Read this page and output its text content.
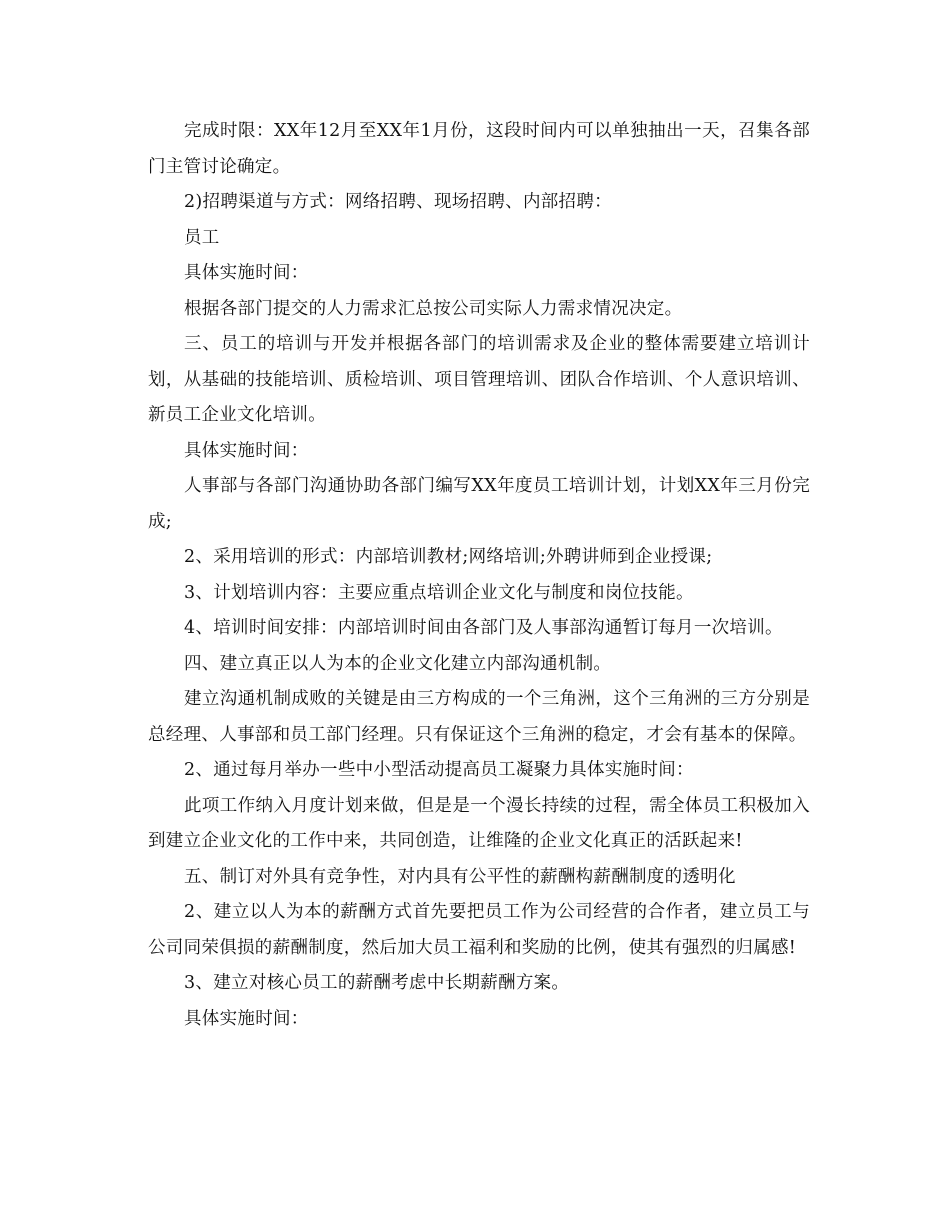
完成时限：XX年12月至XX年1月份，这段时间内可以单独抽出一天，召集各部门主管讨论确定。

2)招聘渠道与方式：网络招聘、现场招聘、内部招聘：

员工

具体实施时间：

根据各部门提交的人力需求汇总按公司实际人力需求情况决定。

三、员工的培训与开发并根据各部门的培训需求及企业的整体需要建立培训计划，从基础的技能培训、质检培训、项目管理培训、团队合作培训、个人意识培训、新员工企业文化培训。

具体实施时间：

人事部与各部门沟通协助各部门编写XX年度员工培训计划，计划XX年三月份完成;

2、采用培训的形式：内部培训教材;网络培训;外聘讲师到企业授课;

3、计划培训内容：主要应重点培训企业文化与制度和岗位技能。

4、培训时间安排：内部培训时间由各部门及人事部沟通暂订每月一次培训。

四、建立真正以人为本的企业文化建立内部沟通机制。

建立沟通机制成败的关键是由三方构成的一个三角洲，这个三角洲的三方分别是总经理、人事部和员工部门经理。只有保证这个三角洲的稳定，才会有基本的保障。

2、通过每月举办一些中小型活动提高员工凝聚力具体实施时间：

此项工作纳入月度计划来做，但是是一个漫长持续的过程，需全体员工积极加入到建立企业文化的工作中来，共同创造，让维隆的企业文化真正的活跃起来!

五、制订对外具有竞争性，对内具有公平性的薪酬构薪酬制度的透明化

2、建立以人为本的薪酬方式首先要把员工作为公司经营的合作者，建立员工与公司同荣俱损的薪酬制度，然后加大员工福利和奖励的比例，使其有强烈的归属感!

3、建立对核心员工的薪酬考虑中长期薪酬方案。

具体实施时间：
